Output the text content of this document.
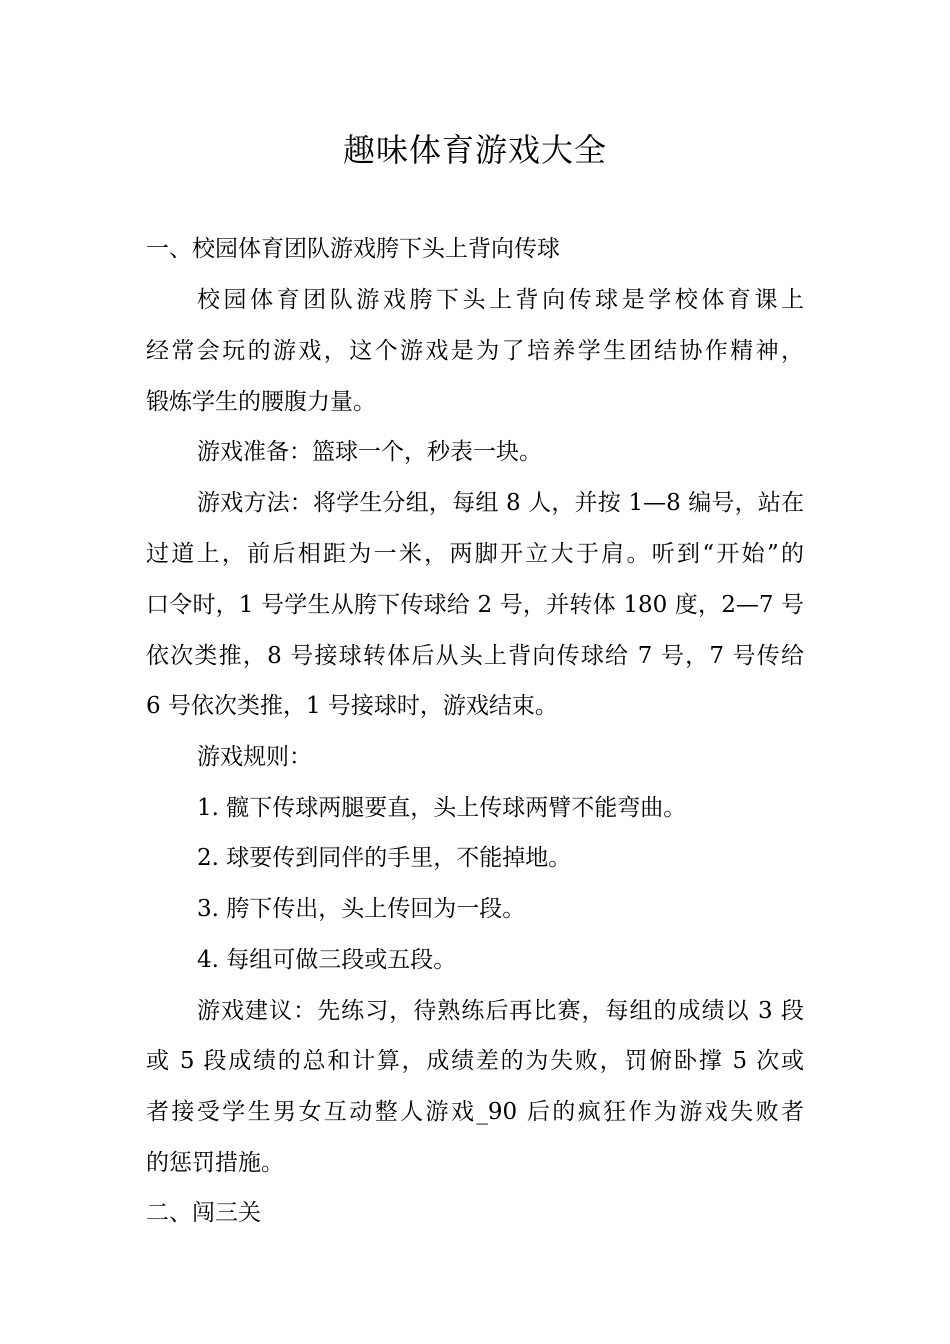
趣味体育游戏大全
一、校园体育团队游戏胯下头上背向传球
校园体育团队游戏胯下头上背向传球是学校体育课上
经常会玩的游戏，这个游戏是为了培养学生团结协作精神，
锻炼学生的腰腹力量。
游戏准备：篮球一个，秒表一块。
游戏方法：将学生分组，每组 8 人，并按 1—8 编号，站在
过道上，前后相距为一米，两脚开立大于肩。听到“开始”的
口令时，1 号学生从胯下传球给 2 号，并转体 180 度，2—7 号
依次类推，8 号接球转体后从头上背向传球给 7 号，7 号传给
6 号依次类推，1 号接球时，游戏结束。
游戏规则：
1. 髋下传球两腿要直，头上传球两臂不能弯曲。
2. 球要传到同伴的手里，不能掉地。
3. 胯下传出，头上传回为一段。
4. 每组可做三段或五段。
游戏建议：先练习，待熟练后再比赛，每组的成绩以 3 段
或 5 段成绩的总和计算，成绩差的为失败，罚俯卧撑 5 次或
者接受学生男女互动整人游戏_90 后的疯狂作为游戏失败者
的惩罚措施。
二、闯三关
